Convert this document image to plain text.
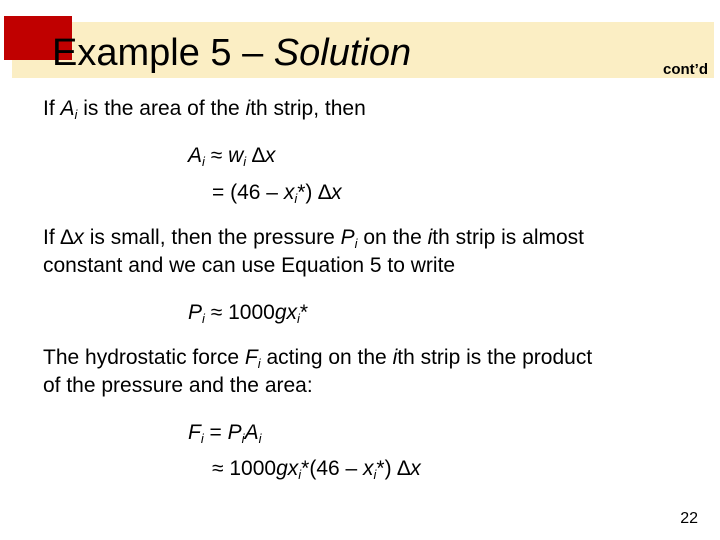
Example 5 – Solution	cont’d
If $A_i$ is the area of the ith strip, then
$A_i \approx w_i$ ∆x
= $(46 - x_i*)$ ∆x
If ∆x is small, then the pressure $P_i$ on the ith strip is almost
constant and we can use Equation 5 to write
$P_i \approx 1000gx_i*$
The hydrostatic force $F_i$ acting on the ith strip is the product
of the pressure and the area:
$F_i = P_iA_i$
≈ $1000gx_i*(46 - x_i*)$ ∆x
22
